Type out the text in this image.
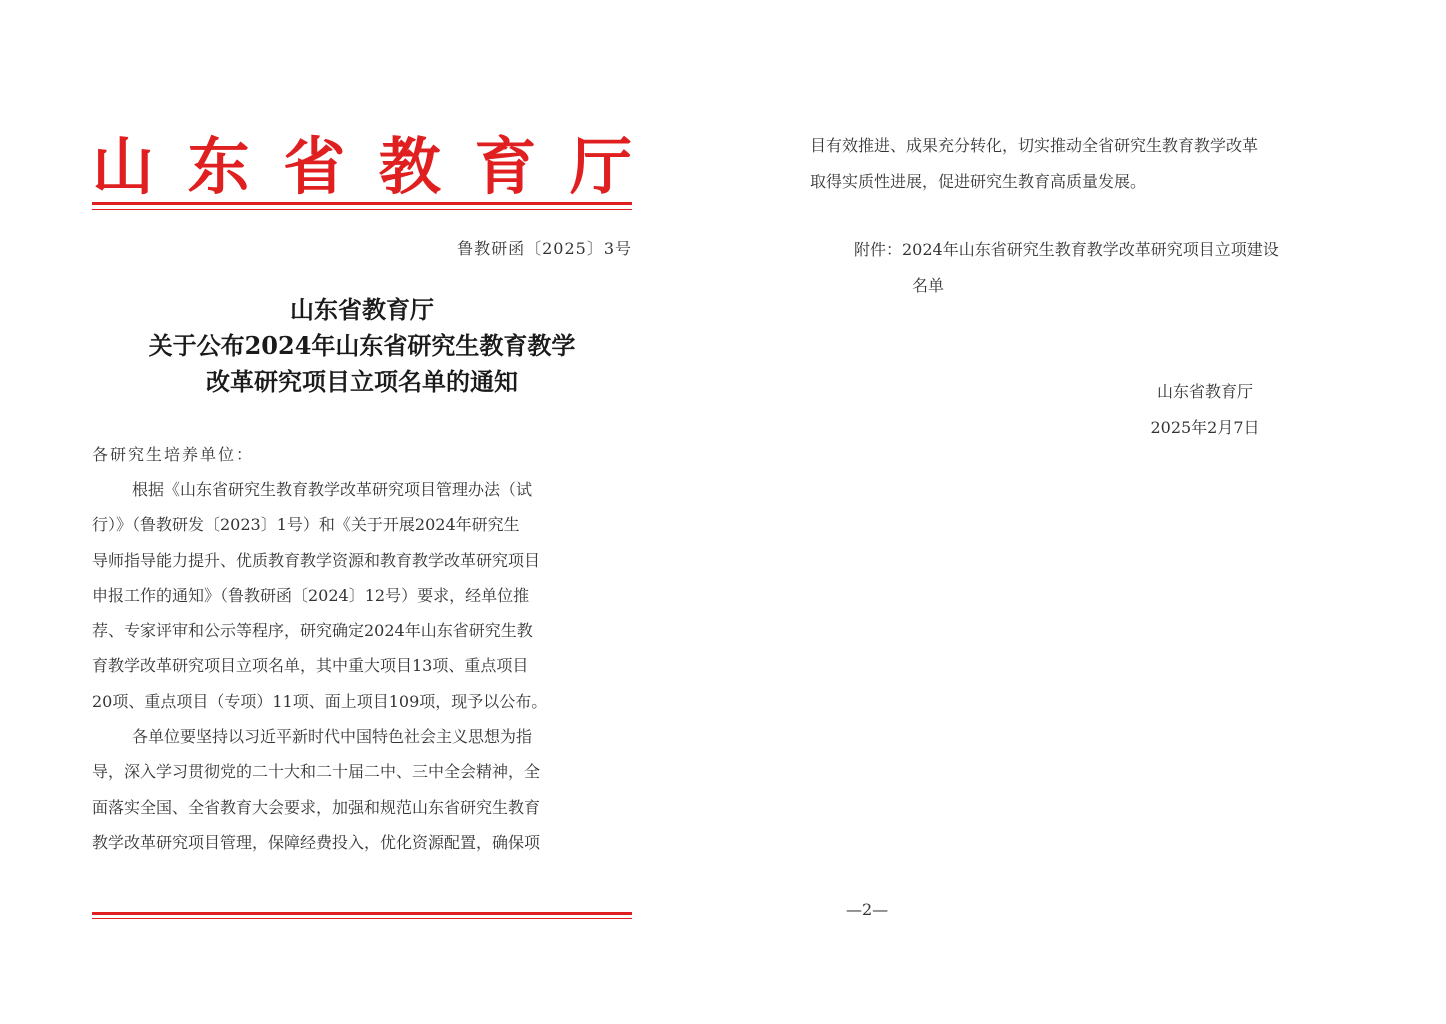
山 东 省 教 育 厅
鲁教研函〔2025〕3号
山东省教育厅
关于公布2024年山东省研究生教育教学
改革研究项目立项名单的通知
各研究生培养单位：
根据《山东省研究生教育教学改革研究项目管理办法（试
行）》（鲁教研发〔2023〕1号）和《关于开展2024年研究生
导师指导能力提升、优质教育教学资源和教育教学改革研究项目
申报工作的通知》（鲁教研函〔2024〕12号）要求，经单位推
荐、专家评审和公示等程序，研究确定2024年山东省研究生教
育教学改革研究项目立项名单，其中重大项目13项、重点项目
20项、重点项目（专项）11项、面上项目109项，现予以公布。
各单位要坚持以习近平新时代中国特色社会主义思想为指
导，深入学习贯彻党的二十大和二十届二中、三中全会精神，全
面落实全国、全省教育大会要求，加强和规范山东省研究生教育
教学改革研究项目管理，保障经费投入，优化资源配置，确保项
目有效推进、成果充分转化，切实推动全省研究生教育教学改革
取得实质性进展，促进研究生教育高质量发展。
附件：2024年山东省研究生教育教学改革研究项目立项建设
名单
山东省教育厅
2025年2月7日
—2—
